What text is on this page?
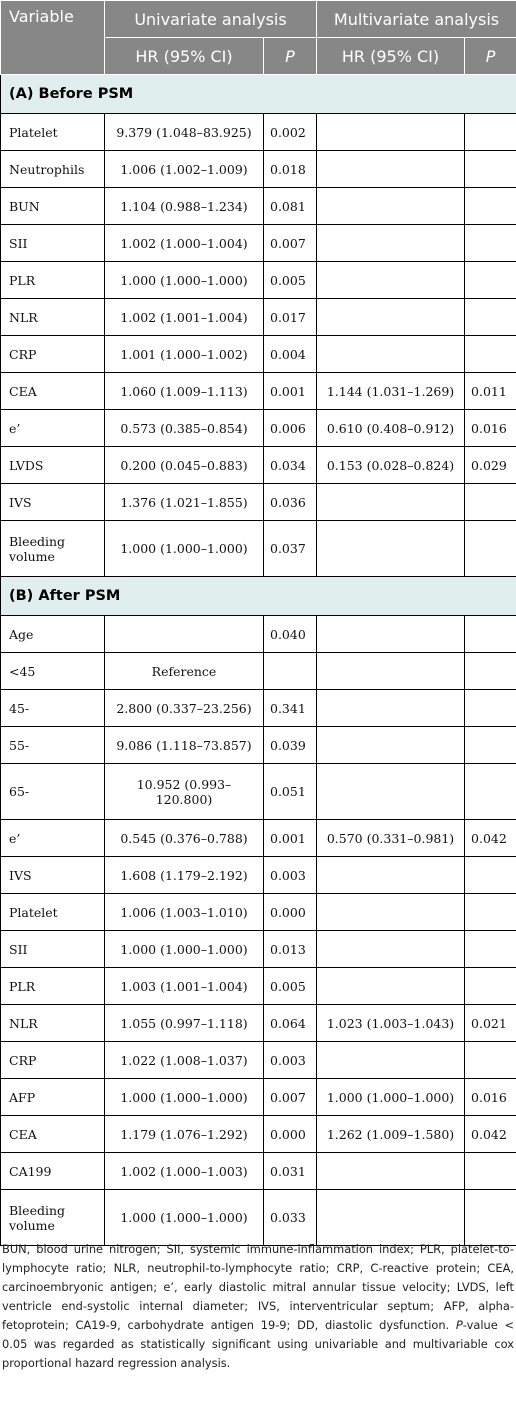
Variable	Univariate analysis		Multivariate analysis	
	HR (95% CI)	P	HR (95% CI)	P
(A) Before PSM				
Platelet	9.379 (1.048–83.925)	0.002		
Neutrophils	1.006 (1.002–1.009)	0.018		
BUN	1.104 (0.988–1.234)	0.081		
SII	1.002 (1.000–1.004)	0.007		
PLR	1.000 (1.000–1.000)	0.005		
NLR	1.002 (1.001–1.004)	0.017		
CRP	1.001 (1.000–1.002)	0.004		
CEA	1.060 (1.009–1.113)	0.001	1.144 (1.031–1.269)	0.011
e’	0.573 (0.385–0.854)	0.006	0.610 (0.408–0.912)	0.016
LVDS	0.200 (0.045–0.883)	0.034	0.153 (0.028–0.824)	0.029
IVS	1.376 (1.021–1.855)	0.036		
Bleeding volume	1.000 (1.000–1.000)	0.037		
(B) After PSM				
Age		0.040		
<45	Reference			
45-	2.800 (0.337–23.256)	0.341		
55-	9.086 (1.118–73.857)	0.039		
65-	10.952 (0.993–120.800)	0.051		
e’	0.545 (0.376–0.788)	0.001	0.570 (0.331–0.981)	0.042
IVS	1.608 (1.179–2.192)	0.003		
Platelet	1.006 (1.003–1.010)	0.000		
SII	1.000 (1.000–1.000)	0.013		
PLR	1.003 (1.001–1.004)	0.005		
NLR	1.055 (0.997–1.118)	0.064	1.023 (1.003–1.043)	0.021
CRP	1.022 (1.008–1.037)	0.003		
AFP	1.000 (1.000–1.000)	0.007	1.000 (1.000–1.000)	0.016
CEA	1.179 (1.076–1.292)	0.000	1.262 (1.009–1.580)	0.042
CA199	1.002 (1.000–1.003)	0.031		
Bleeding volume	1.000 (1.000–1.000)	0.033		
BUN, blood urine nitrogen; SII, systemic immune-inflammation index; PLR, platelet-to-lymphocyte ratio; NLR, neutrophil-to-lymphocyte ratio; CRP, C-reactive protein; CEA, carcinoembryonic antigen; e’, early diastolic mitral annular tissue velocity; LVDS, left ventricle end-systolic internal diameter; IVS, interventricular septum; AFP, alpha-fetoprotein; CA19-9, carbohydrate antigen 19-9; DD, diastolic dysfunction. P-value < 0.05 was regarded as statistically significant using univariable and multivariable cox proportional hazard regression analysis.
